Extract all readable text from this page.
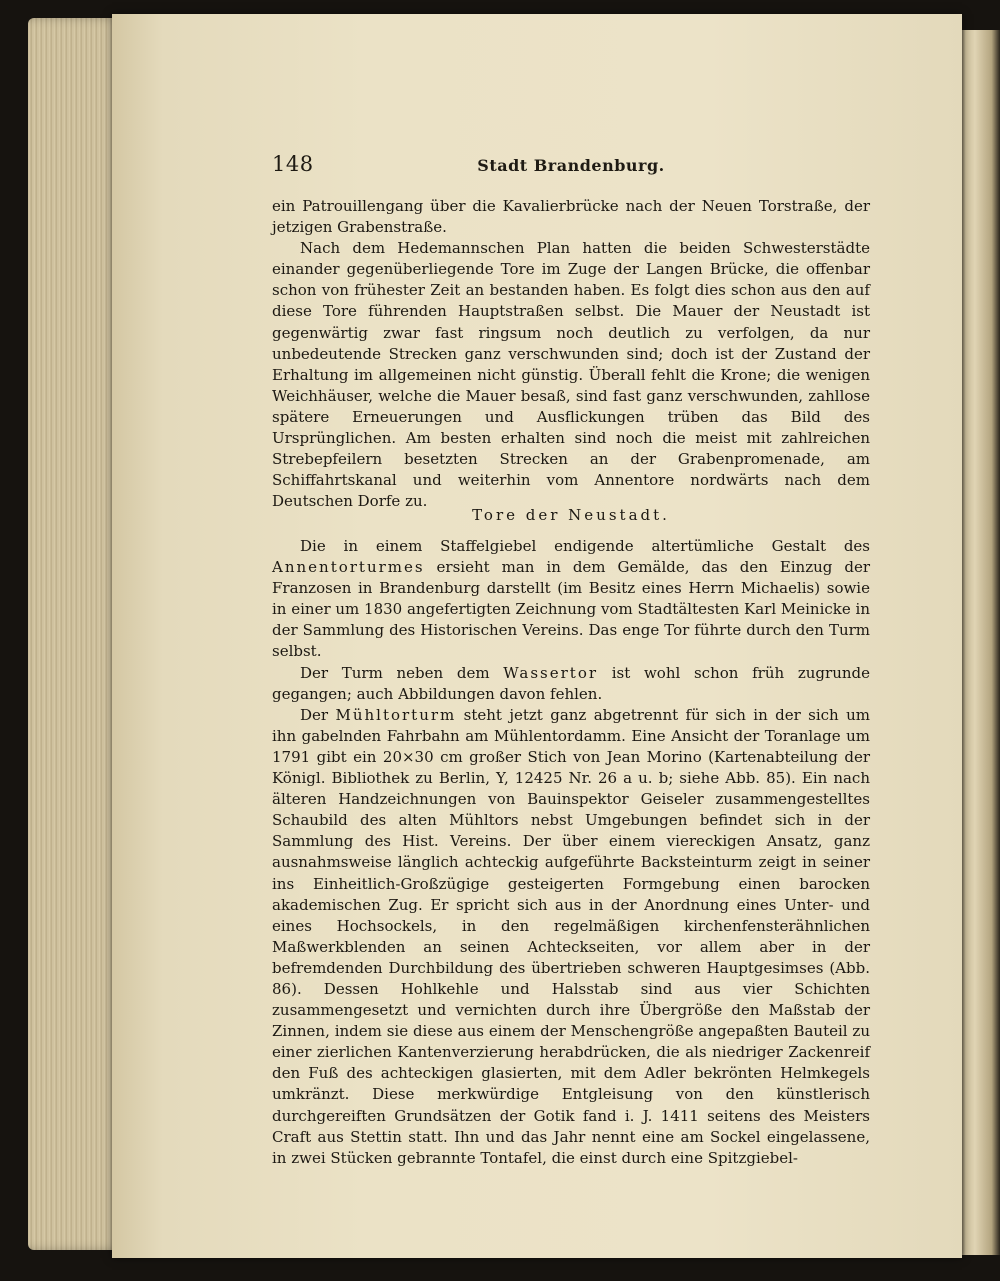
148	Stadt Brandenburg.

ein Patrouillengang über die Kavalierbrücke nach der Neuen Torstraße, der jetzigen Grabenstraße.

Nach dem Hedemannschen Plan hatten die beiden Schwesterstädte einander gegenüberliegende Tore im Zuge der Langen Brücke, die offenbar schon von frühester Zeit an bestanden haben. Es folgt dies schon aus den auf diese Tore führenden Hauptstraßen selbst. Die Mauer der Neustadt ist gegenwärtig zwar fast ringsum noch deutlich zu verfolgen, da nur unbedeutende Strecken ganz verschwunden sind; doch ist der Zustand der Erhaltung im allgemeinen nicht günstig. Überall fehlt die Krone; die wenigen Weichhäuser, welche die Mauer besaß, sind fast ganz verschwunden, zahllose spätere Erneuerungen und Ausflickungen trüben das Bild des Ursprünglichen. Am besten erhalten sind noch die meist mit zahlreichen Strebepfeilern besetzten Strecken an der Grabenpromenade, am Schiffahrtskanal und weiterhin vom Annentore nordwärts nach dem Deutschen Dorfe zu.

Tore der Neustadt.

Die in einem Staffelgiebel endigende altertümliche Gestalt des Annentorturmes ersieht man in dem Gemälde, das den Einzug der Franzosen in Brandenburg darstellt (im Besitz eines Herrn Michaelis) sowie in einer um 1830 angefertigten Zeichnung vom Stadtältesten Karl Meinicke in der Sammlung des Historischen Vereins. Das enge Tor führte durch den Turm selbst.

Der Turm neben dem Wassertor ist wohl schon früh zugrunde gegangen; auch Abbildungen davon fehlen.

Der Mühltorturm steht jetzt ganz abgetrennt für sich in der sich um ihn gabelnden Fahrbahn am Mühlentordamm. Eine Ansicht der Toranlage um 1791 gibt ein 20×30 cm großer Stich von Jean Morino (Kartenabteilung der Königl. Bibliothek zu Berlin, Y, 12425 Nr. 26 a u. b; siehe Abb. 85). Ein nach älteren Handzeichnungen von Bauinspektor Geiseler zusammengestelltes Schaubild des alten Mühltors nebst Umgebungen befindet sich in der Sammlung des Hist. Vereins. Der über einem viereckigen Ansatz, ganz ausnahmsweise länglich achteckig aufgeführte Backsteinturm zeigt in seiner ins Einheitlich-Großzügige gesteigerten Formgebung einen barocken akademischen Zug. Er spricht sich aus in der Anordnung eines Unter- und eines Hochsockels, in den regelmäßigen kirchenfensterähnlichen Maßwerkblenden an seinen Achteckseiten, vor allem aber in der befremdenden Durchbildung des übertrieben schweren Hauptgesimses (Abb. 86). Dessen Hohlkehle und Halsstab sind aus vier Schichten zusammengesetzt und vernichten durch ihre Übergröße den Maßstab der Zinnen, indem sie diese aus einem der Menschengröße angepaßten Bauteil zu einer zierlichen Kantenverzierung herabdrücken, die als niedriger Zackenreif den Fuß des achteckigen glasierten, mit dem Adler bekrönten Helmkegels umkränzt. Diese merkwürdige Entgleisung von den künstlerisch durchgereiften Grundsätzen der Gotik fand i. J. 1411 seitens des Meisters Craft aus Stettin statt. Ihn und das Jahr nennt eine am Sockel eingelassene, in zwei Stücken gebrannte Tontafel, die einst durch eine Spitzgiebel-
